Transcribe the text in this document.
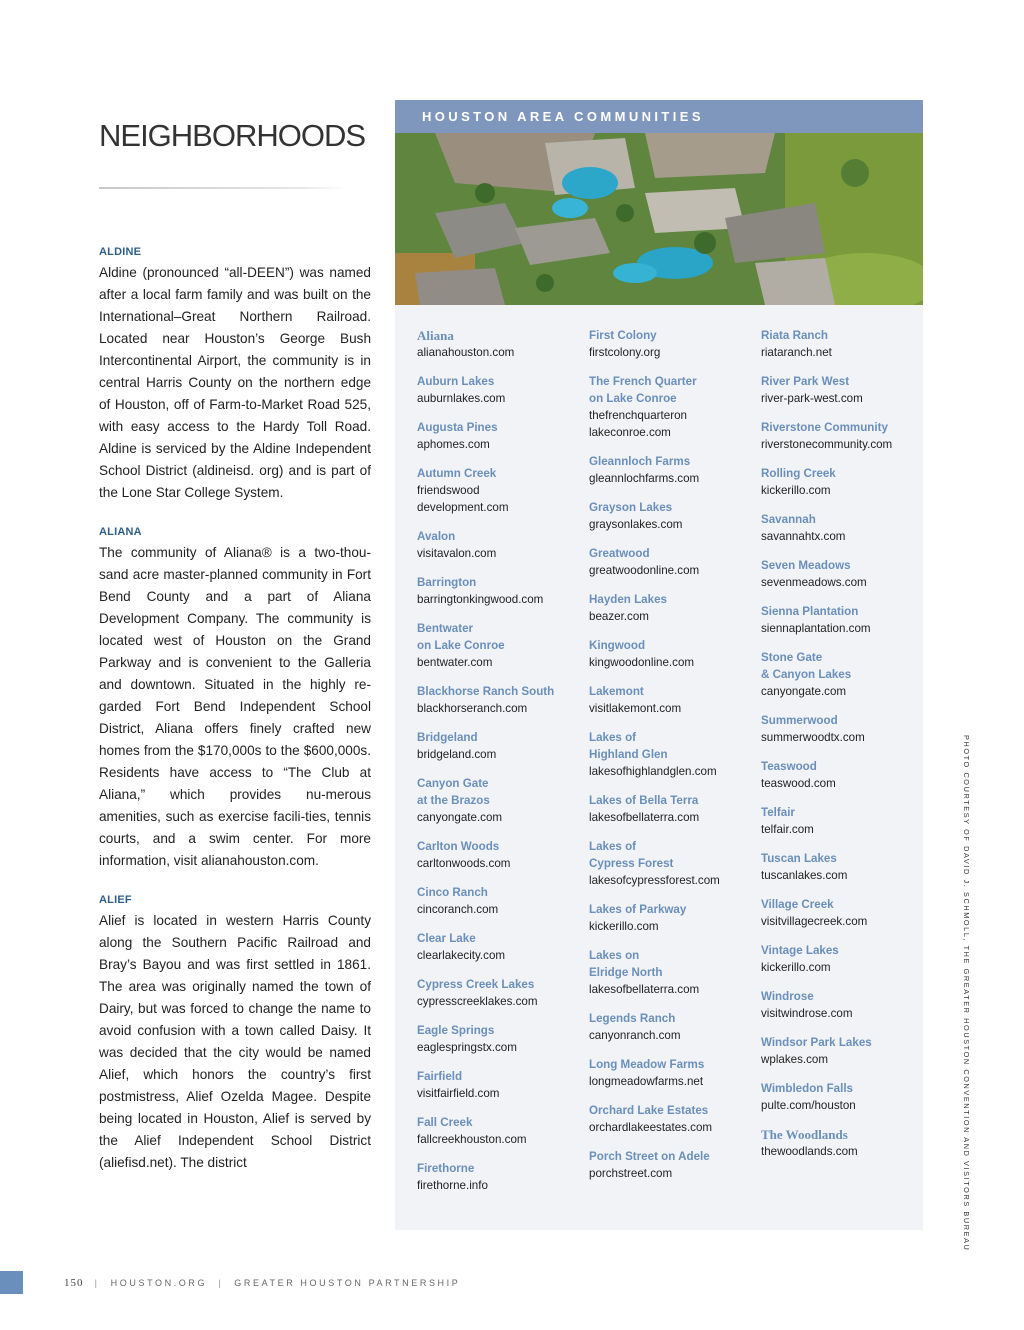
NEIGHBORHOODS
ALDINE

Aldine (pronounced “all-DEEN”) was named after a local farm family and was built on the International–Great Northern Railroad. Located near Houston’s George Bush Intercontinental Airport, the community is in central Harris County on the northern edge of Houston, off of Farm-to-Market Road 525, with easy access to the Hardy Toll Road. Aldine is serviced by the Aldine Independent School District (aldineisd. org) and is part of the Lone Star College System.

ALIANA

The community of Aliana® is a two-thou-sand acre master-planned community in Fort Bend County and a part of Aliana Development Company. The community is located west of Houston on the Grand Parkway and is convenient to the Galleria and downtown. Situated in the highly re-garded Fort Bend Independent School District, Aliana offers finely crafted new homes from the $170,000s to the $600,000s. Residents have access to “The Club at Aliana,” which provides nu-merous amenities, such as exercise facili-ties, tennis courts, and a swim center. For more information, visit alianahouston.com.

ALIEF

Alief is located in western Harris County along the Southern Pacific Railroad and Bray’s Bayou and was first settled in 1861. The area was originally named the town of Dairy, but was forced to change the name to avoid confusion with a town called Daisy. It was decided that the city would be named Alief, which honors the country’s first postmistress, Alief Ozelda Magee. Despite being located in Houston, Alief is served by the Alief Independent School District (aliefisd.net). The district

HOUSTON AREA COMMUNITIES
Aliana
alianahouston.com
Auburn Lakes
auburnlakes.com
Augusta Pines
aphomes.com
Autumn Creek
friendswood
development.com
Avalon
visitavalon.com
Barrington
barringtonkingwood.com
Bentwater
on Lake Conroe
bentwater.com
Blackhorse Ranch South
blackhorseranch.com
Bridgeland
bridgeland.com
Canyon Gate
at the Brazos
canyongate.com
Carlton Woods
carltonwoods.com
Cinco Ranch
cincoranch.com
Clear Lake
clearlakecity.com
Cypress Creek Lakes
cypresscreeklakes.com
Eagle Springs
eaglespringstx.com
Fairfield
visitfairfield.com
Fall Creek
fallcreekhouston.com
Firethorne
firethorne.info
First Colony
firstcolony.org
The French Quarter
on Lake Conroe
thefrenchquarteron
lakeconroe.com
Gleannloch Farms
gleannlochfarms.com
Grayson Lakes
graysonlakes.com
Greatwood
greatwoodonline.com
Hayden Lakes
beazer.com
Kingwood
kingwoodonline.com
Lakemont
visitlakemont.com
Lakes of
Highland Glen
lakesofhighlandglen.com
Lakes of Bella Terra
lakesofbellaterra.com
Lakes of
Cypress Forest
lakesofcypressforest.com
Lakes of Parkway
kickerillo.com
Lakes on
Elridge North
lakesofbellaterra.com
Legends Ranch
canyonranch.com
Long Meadow Farms
longmeadowfarms.net
Orchard Lake Estates
orchardlakeestates.com
Porch Street on Adele
porchstreet.com
Riata Ranch
riataranch.net
River Park West
river-park-west.com
Riverstone Community
riverstonecommunity.com
Rolling Creek
kickerillo.com
Savannah
savannahtx.com
Seven Meadows
sevenmeadows.com
Sienna Plantation
siennaplantation.com
Stone Gate
& Canyon Lakes
canyongate.com
Summerwood
summerwoodtx.com
Teaswood
teaswood.com
Telfair
telfair.com
Tuscan Lakes
tuscanlakes.com
Village Creek
visitvillagecreek.com
Vintage Lakes
kickerillo.com
Windrose
visitwindrose.com
Windsor Park Lakes
wplakes.com
Wimbledon Falls
pulte.com/houston
The Woodlands
thewoodlands.com	PHOTO COURTESY OF DAVID J. SCHMOLL, THE GREATER HOUSTON CONVENTION AND VISITORS BUREAU
150 | HOUSTON.ORG | GREATER HOUSTON PARTNERSHIP
